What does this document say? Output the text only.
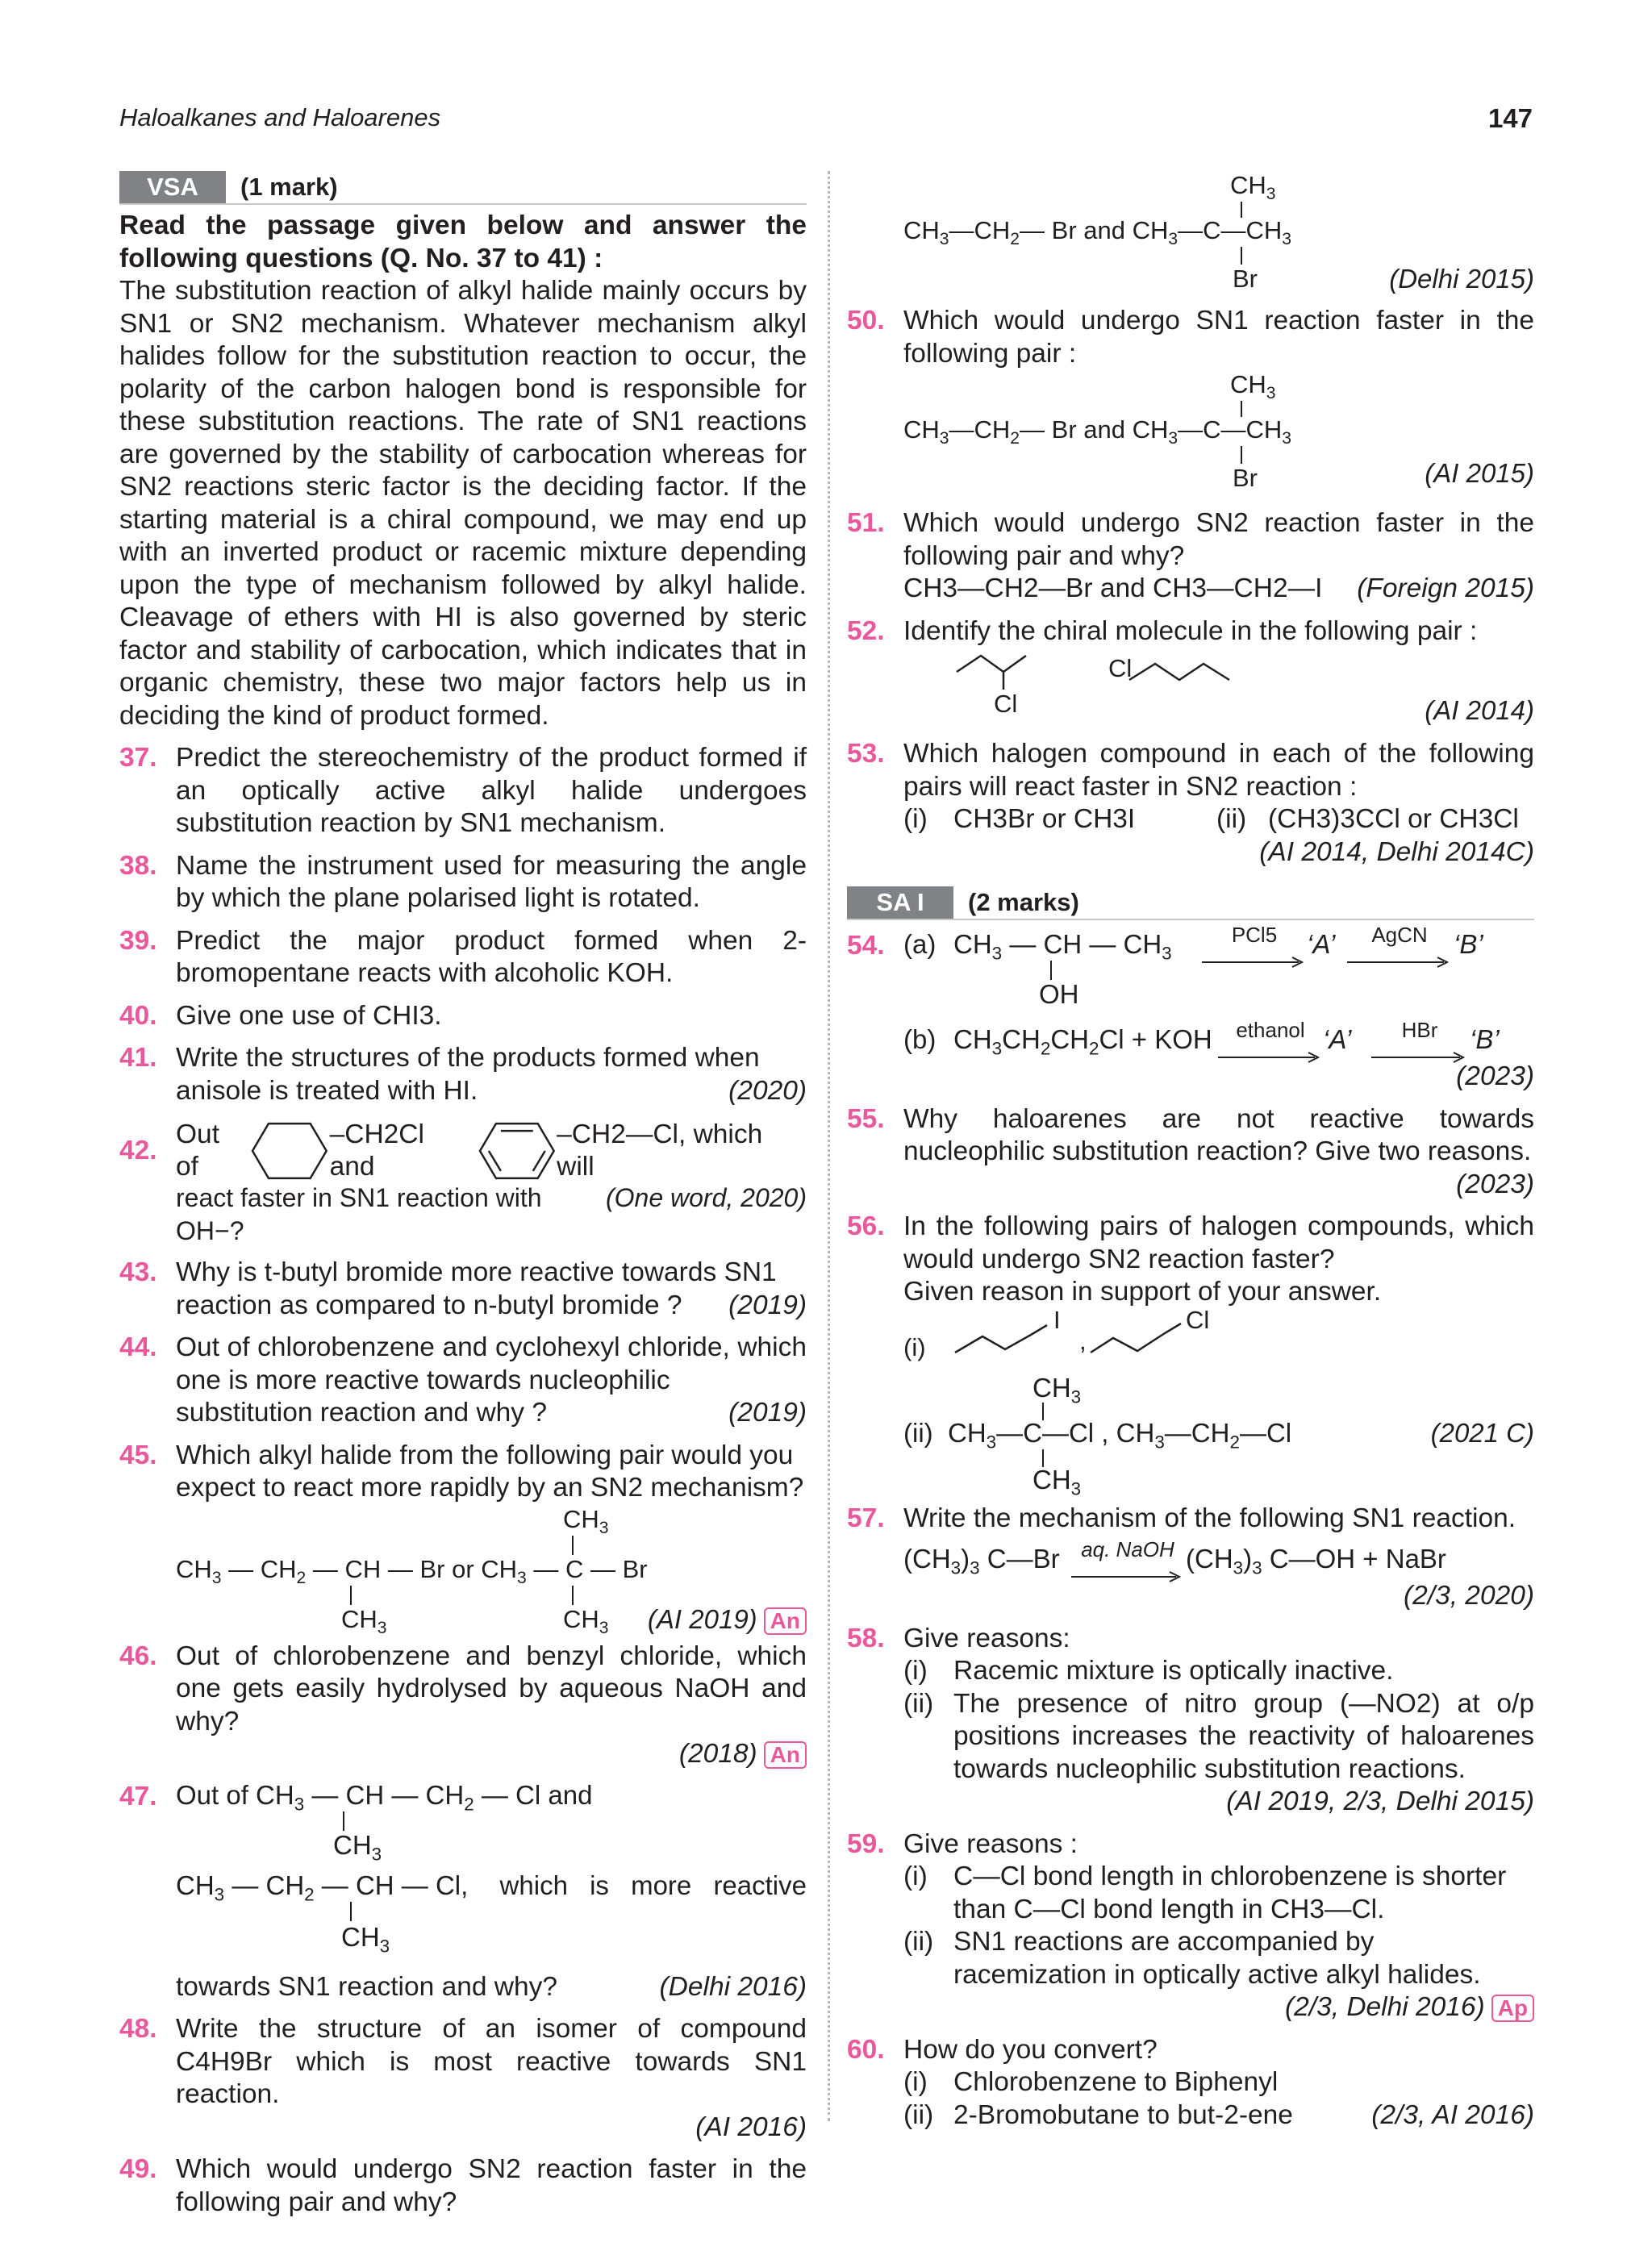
Haloalkanes and Haloarenes	147
VSA	(1 mark)
Read the passage given below and answer the following questions (Q. No. 37 to 41) :
The substitution reaction of alkyl halide mainly occurs by SN1 or SN2 mechanism. Whatever mechanism alkyl halides follow for the substitution reaction to occur, the polarity of the carbon halogen bond is responsible for these substitution reactions. The rate of SN1 reactions are governed by the stability of carbocation whereas for SN2 reactions steric factor is the deciding factor. If the starting material is a chiral compound, we may end up with an inverted product or racemic mixture depending upon the type of mechanism followed by alkyl halide. Cleavage of ethers with HI is also governed by steric factor and stability of carbocation, which indicates that in organic chemistry, these two major factors help us in deciding the kind of product formed.
37. Predict the stereochemistry of the product formed if an optically active alkyl halide undergoes substitution reaction by SN1 mechanism.
38. Name the instrument used for measuring the angle by which the plane polarised light is rotated.
39. Predict the major product formed when 2-bromopentane reacts with alcoholic KOH.
40. Give one use of CHI3.
41. Write the structures of the products formed when
anisole is treated with HI.	(2020)
42.
Out of
–CH2Cl and
–CH2—Cl, which will
react faster in SN1 reaction with OH−?
(One word, 2020)
43. Why is t-butyl bromide more reactive towards SN1
reaction as compared to n-butyl bromide ? (2019)
44. Out of chlorobenzene and cyclohexyl chloride, which one is more reactive towards nucleophilic
substitution reaction and why ?	(2019)
45. Which alkyl halide from the following pair would you expect to react more rapidly by an SN2 mechanism?
$CH_3$
$CH_3$ — $CH_2$ — CH — Br or $CH_3$ — C — Br
$CH_3$	$CH_3$ (AI 2019) An
46. Out of chlorobenzene and benzyl chloride, which one gets easily hydrolysed by aqueous NaOH and why?
(2018) An
47. Out of $CH_3$ — CH — $CH_2$ — Cl and
$CH_3$
$CH_3$ — $CH_2$ — CH — Cl, which is more reactive
$CH_3$
towards SN1 reaction and why?	(Delhi 2016)
48. Write the structure of an isomer of compound C4H9Br which is most reactive towards SN1 reaction.
(AI 2016)
49. Which would undergo SN2 reaction faster in the following pair and why?
$CH_3$
$CH_3—CH_2—$ Br and $CH_3—C—CH_3$
Br	(Delhi 2015)
50. Which would undergo SN1 reaction faster in the following pair :
$CH_3$
$CH_3—CH_2—$ Br and $CH_3—C—CH_3$
Br	(AI 2015)
51. Which would undergo SN2 reaction faster in the following pair and why?
CH3—CH2—Br and CH3—CH2—I (Foreign 2015)
52. Identify the chiral molecule in the following pair :
Cl
Cl
(AI 2014)
53. Which halogen compound in each of the following pairs will react faster in SN2 reaction :
(i) CH3Br or CH3I	(ii) (CH3)3CCl or CH3Cl
(AI 2014, Delhi 2014C)
SA I	(2 marks)
54. (a) $CH_3$ — CH — $CH_3$
OH
PCl5	‘A’	AgCN ‘B’
(b) $CH_3CH_2CH_2Cl$ + KOH	ethanol ‘A’	HBr	‘B’
(2023)
55. Why haloarenes are not reactive towards nucleophilic substitution reaction? Give two reasons.
(2023)
56. In the following pairs of halogen compounds, which would undergo SN2 reaction faster?
Given reason in support of your answer.
(i)
I
,
Cl
$CH_3$
(ii)  $CH_3—C—Cl$ , $CH_3—CH_2—Cl$
$CH_3$
(2021 C)
57. Write the mechanism of the following SN1 reaction.
$(CH_3)_3$ C—Br	aq. NaOH $(CH_3)_3$ C—OH + NaBr
(2/3, 2020)
58. Give reasons:
(i) Racemic mixture is optically inactive.
(ii) The presence of nitro group (—NO2) at o/p positions increases the reactivity of haloarenes towards nucleophilic substitution reactions.
(AI 2019, 2/3, Delhi 2015)
59. Give reasons :
(i) C—Cl bond length in chlorobenzene is shorter than C—Cl bond length in CH3—Cl.
(ii) SN1 reactions are accompanied by racemization in optically active alkyl halides.
(2/3, Delhi 2016) Ap
60. How do you convert?
(i) Chlorobenzene to Biphenyl
(ii) 2-Bromobutane to but-2-ene	(2/3, AI 2016)
